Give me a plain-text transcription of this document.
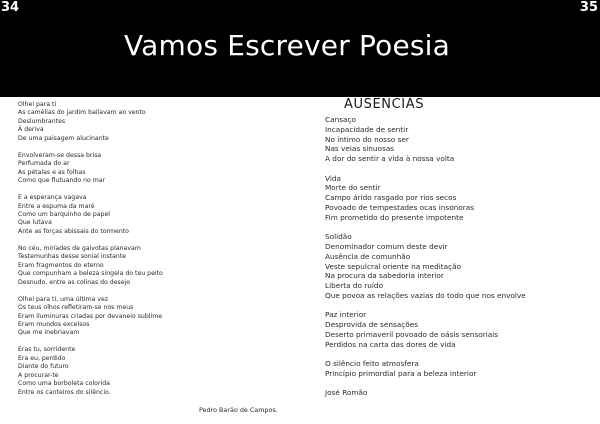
34	35
Vamos Escrever Poesia
Olhei para ti
As camélias do jardim bailavam ao vento
Deslumbrantes
À deriva
De uma paisagem alucinante
Envolveram-se dessa brisa
Perfumada do ar
As pétalas e as folhas
Como que flutuando no mar
E a esperança vagava
Entre a espuma da maré
Como um barquinho de papel
Que lutava
Ante as forças abissais do tormento
No céu, miríades de gaivotas planavam
Testemunhas desse sonial instante
Eram fragmentos do eterno
Que compunham a beleza singela do teu peito
Desnudo, entre as colinas do desejo
Olhei para ti, uma última vez
Os teus olhos refletiram-se nos meus
Eram iluminuras criadas por devaneio sublime
Eram mundos excelsos
Que me inebriavam
Eras tu, sorridente
Era eu, perdido
Diante do futuro
A procurar-te
Como uma borboleta colorida
Entre os canteiros do silêncio.
Pedro Barão de Campos.
AUSÊNCIAS
Cansaço
Incapacidade de sentir
No íntimo do nosso ser
Nas veias sinuosas
A dor do sentir a vida à nossa volta
Vida
Morte do sentir
Campo árido rasgado por rios secos
Povoado de tempestades ocas insonoras
Fim prometido do presente impotente
Solidão
Denominador comum deste devir
Ausência de comunhão
Veste sepulcral oriente na meditação
Na procura da sabedoria interior
Liberta do ruído
Que povoa as relações vazias do todo que nos envolve
Paz interior
Desprovida de sensações
Deserto primaveril povoado de oásis sensoriais
Perdidos na carta das dores de vida
O silêncio feito atmosfera
Princípio primordial para a beleza interior
José Romão
